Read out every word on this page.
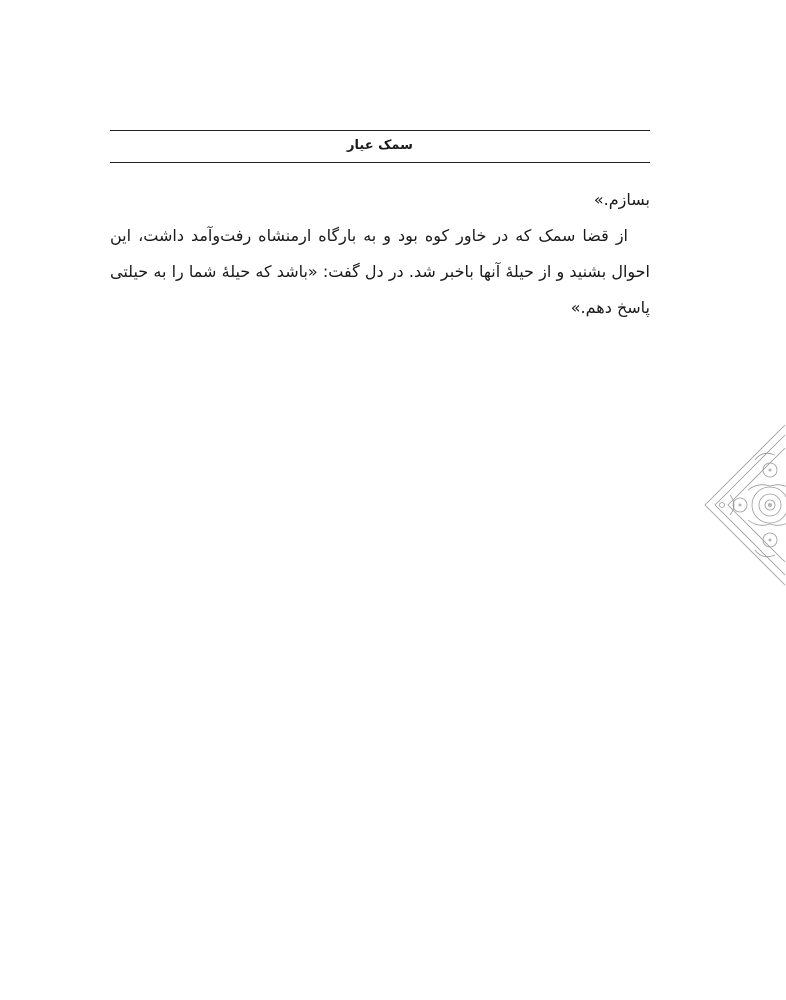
سمک عیار

بسازم.»

از قضا سمک که در خاور کوه بود و به بارگاه ارمنشاه رفت‌وآمد داشت، این احوال بشنید و از حیلهٔ آنها باخبر شد. در دل گفت: «باشد که حیلهٔ شما را به حیلتی پاسخ دهم.»
